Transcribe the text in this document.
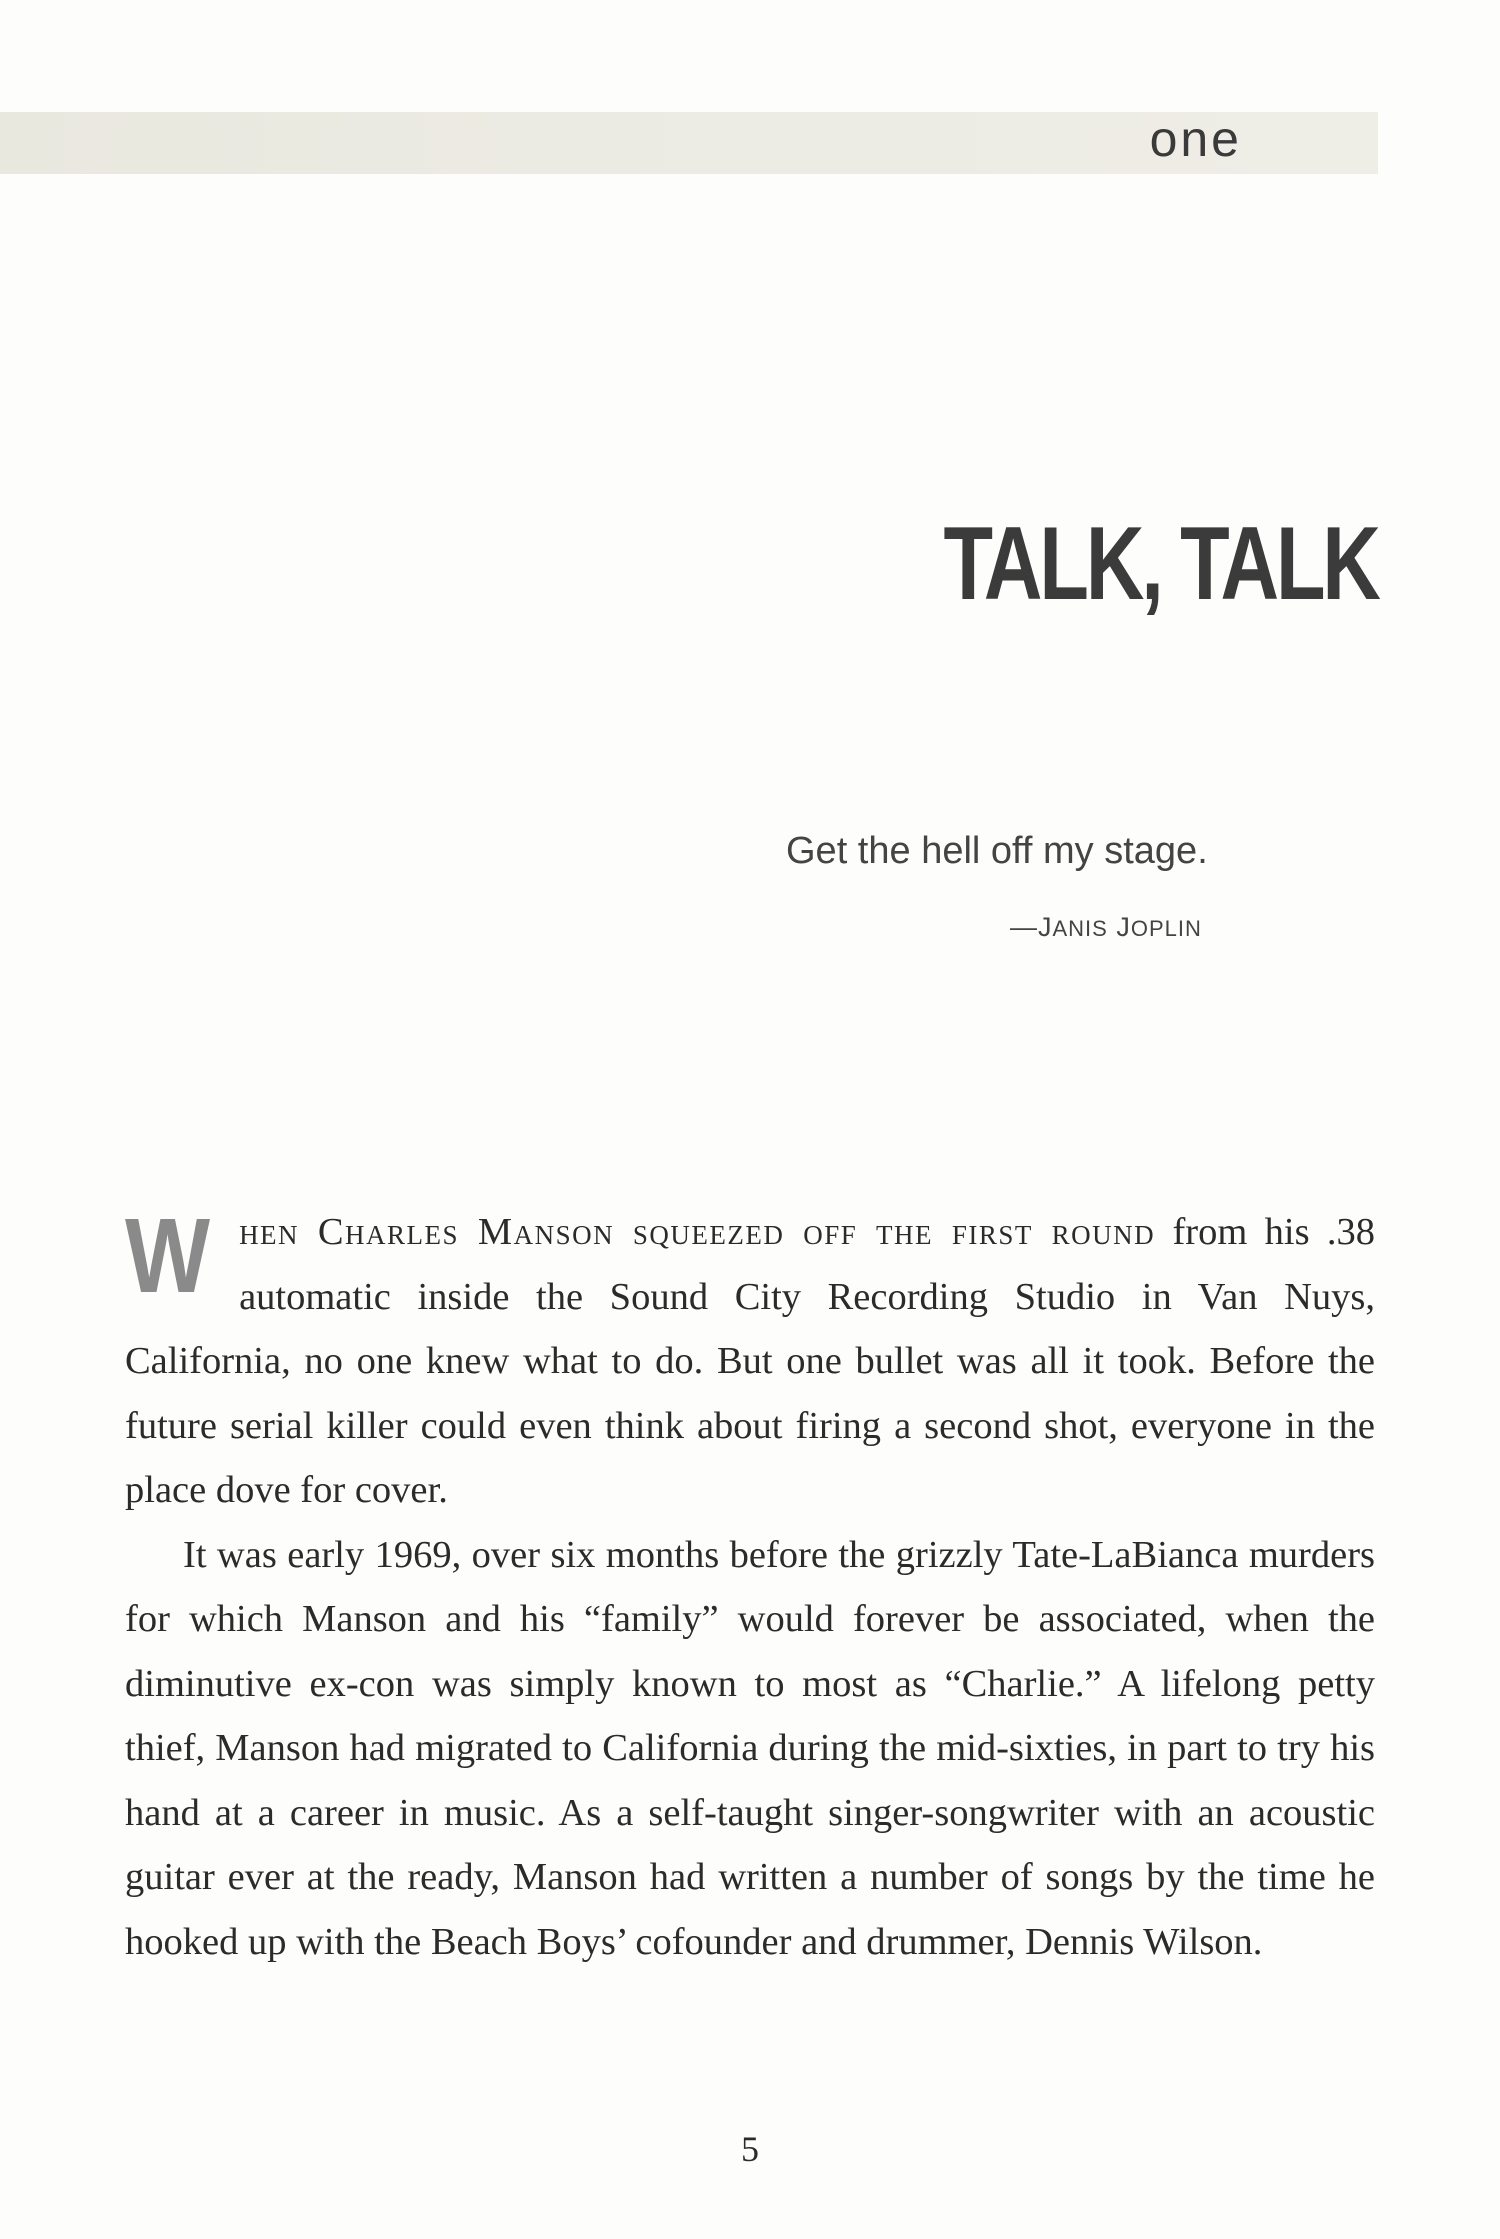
one
TALK, TALK
Get the hell off my stage.
—JANIS JOPLIN

When Charles Manson squeezed off the first round from his .38 automatic inside the Sound City Recording Studio in Van Nuys, California, no one knew what to do. But one bullet was all it took. Before the future serial killer could even think about firing a second shot, everyone in the place dove for cover.

It was early 1969, over six months before the grizzly Tate-LaBianca murders for which Manson and his “family” would forever be associated, when the diminutive ex-con was simply known to most as “Charlie.” A lifelong petty thief, Manson had migrated to California during the mid-sixties, in part to try his hand at a career in music. As a self-taught singer-songwriter with an acoustic guitar ever at the ready, Manson had written a number of songs by the time he hooked up with the Beach Boys’ cofounder and drummer, Dennis Wilson.

5
